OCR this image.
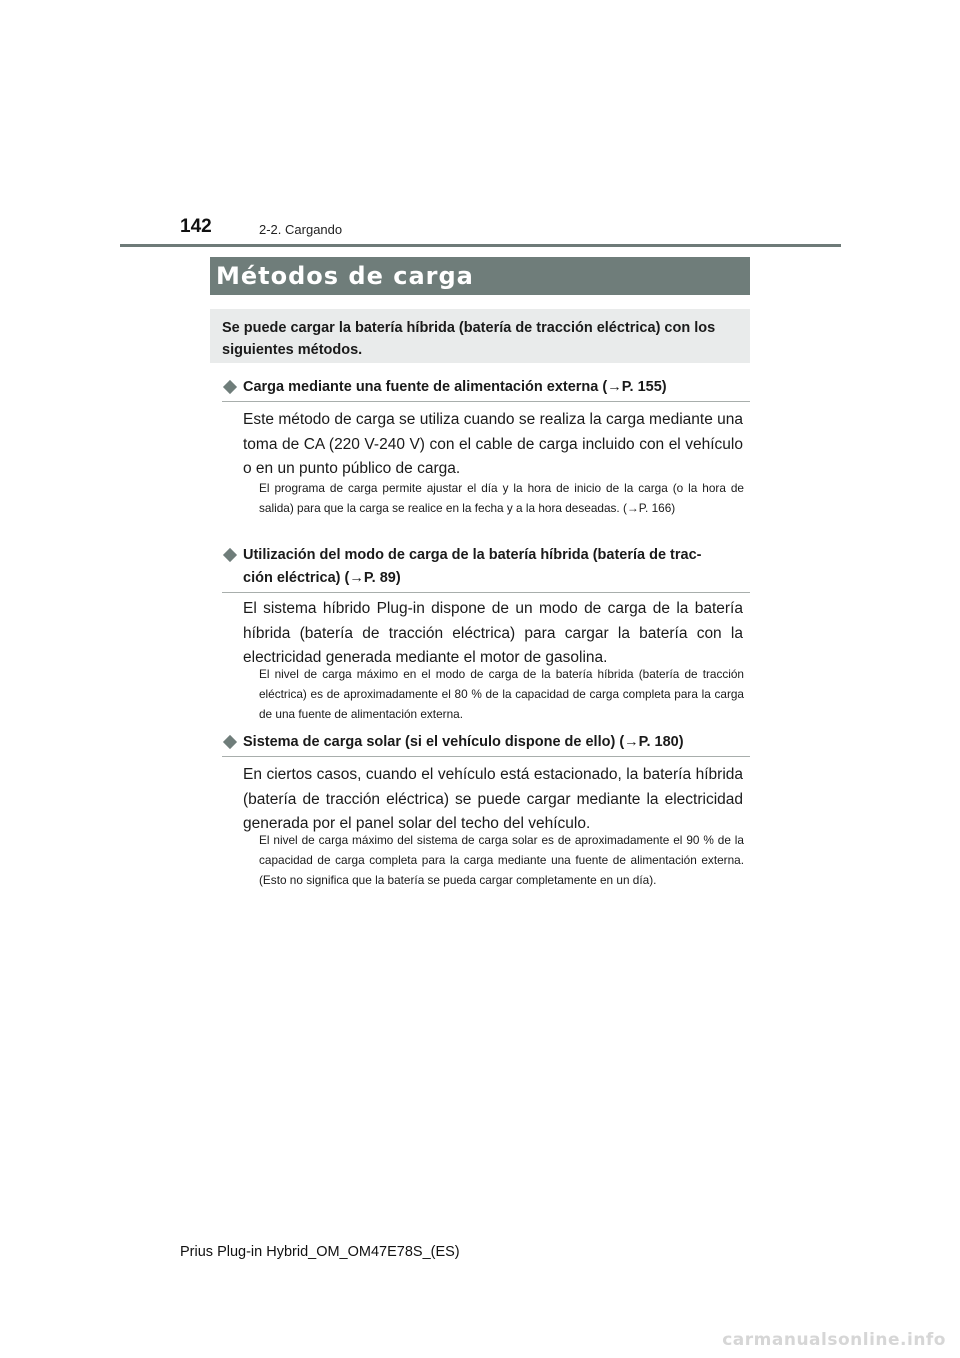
142	2-2. Cargando
Métodos de carga
Se puede cargar la batería híbrida (batería de tracción eléctrica) con los siguientes métodos.
Carga mediante una fuente de alimentación externa (→P. 155)
Este método de carga se utiliza cuando se realiza la carga mediante una toma de CA (220 V-240 V) con el cable de carga incluido con el vehículo o en un punto público de carga.
El programa de carga permite ajustar el día y la hora de inicio de la carga (o la hora de salida) para que la carga se realice en la fecha y a la hora deseadas. (→P. 166)
Utilización del modo de carga de la batería híbrida (batería de trac-
ción eléctrica) (→P. 89)
El sistema híbrido Plug-in dispone de un modo de carga de la batería híbrida (batería de tracción eléctrica) para cargar la batería con la electricidad generada mediante el motor de gasolina.
El nivel de carga máximo en el modo de carga de la batería híbrida (batería de tracción eléctrica) es de aproximadamente el 80 % de la capacidad de carga completa para la carga de una fuente de alimentación externa.
Sistema de carga solar (si el vehículo dispone de ello) (→P. 180)
En ciertos casos, cuando el vehículo está estacionado, la batería híbrida (batería de tracción eléctrica) se puede cargar mediante la electricidad generada por el panel solar del techo del vehículo.
El nivel de carga máximo del sistema de carga solar es de aproximadamente el 90 % de la capacidad de carga completa para la carga mediante una fuente de alimentación externa. (Esto no significa que la batería se pueda cargar completamente en un día).
Prius Plug-in Hybrid_OM_OM47E78S_(ES)
carmanualsonline.info
